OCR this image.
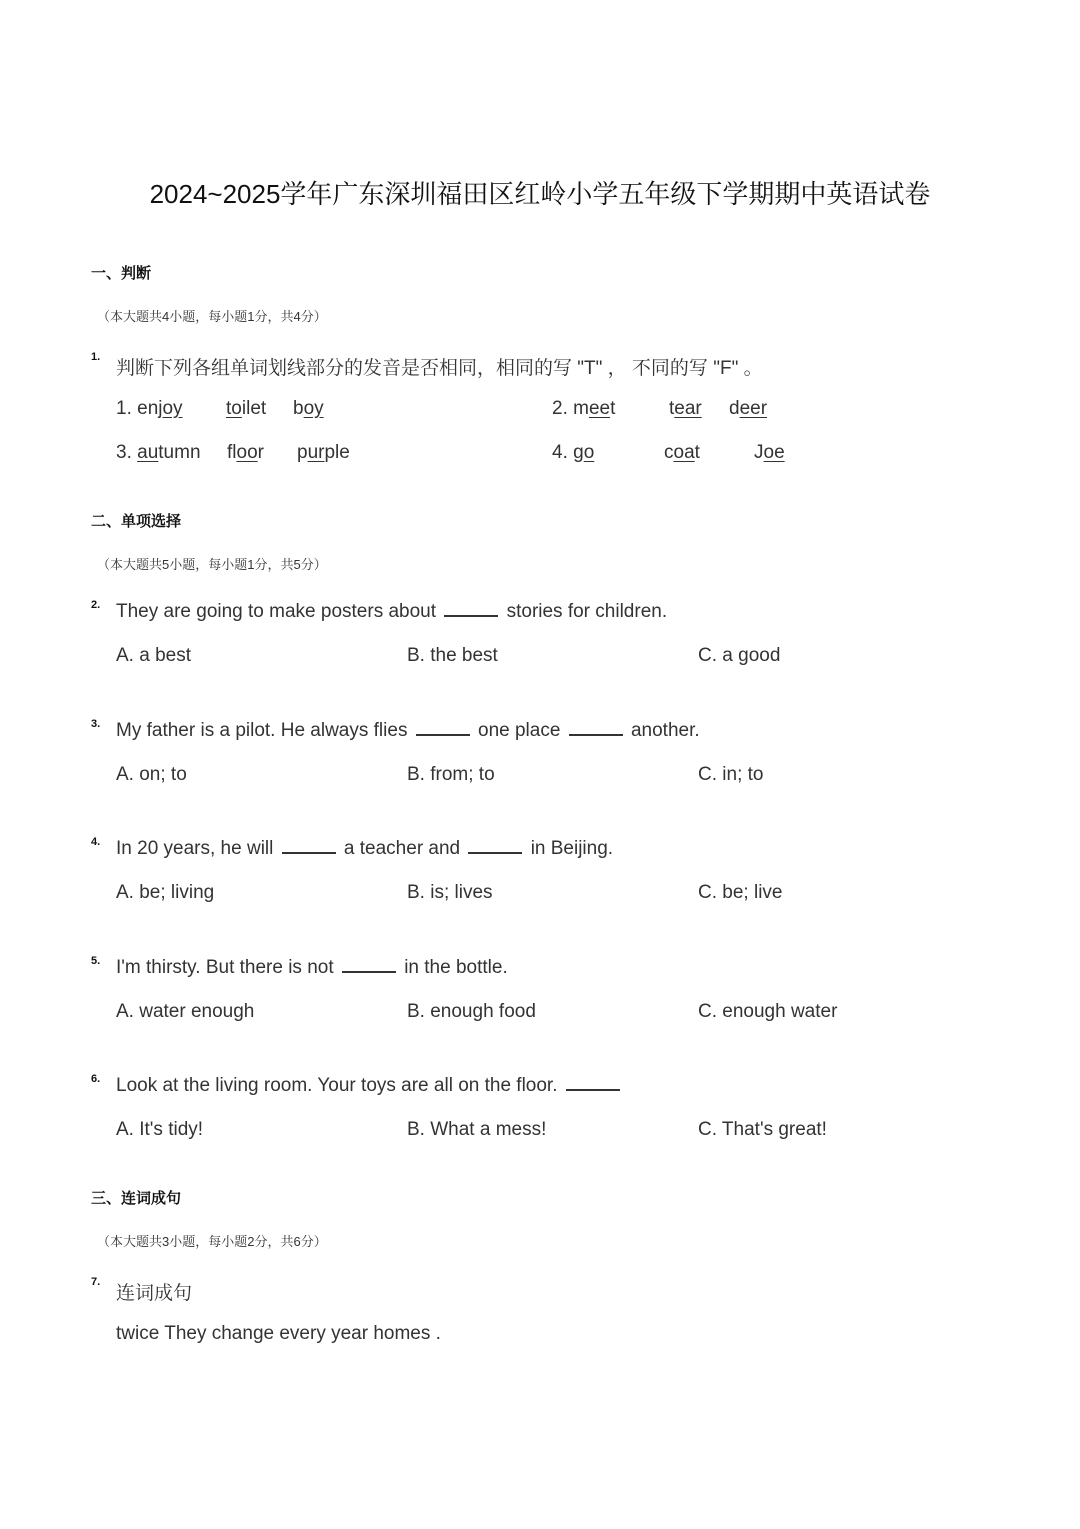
2024~2025学年广东深圳福田区红岭小学五年级下学期期中英语试卷
一、判断
（本大题共4小题，每小题1分，共4分）
1.
判断下列各组单词划线部分的发音是否相同，相同的写 "T" ， 不同的写 "F" 。
1. enjoy toilet boy	2. meet	tear deer
3. autumn floor purple	4. go	coat	Joe
二、单项选择
（本大题共5小题，每小题1分，共5分）
2. They are going to make posters about	stories for children.
A. a best	B. the best	C. a good
3. My father is a pilot. He always flies	one place	another.
A. on; to	B. from; to	C. in; to
4. In 20 years, he will	a teacher and	in Beijing.
A. be; living	B. is; lives	C. be; live
5. I'm thirsty. But there is not	in the bottle.
A. water enough	B. enough food	C. enough water
6. Look at the living room. Your toys are all on the floor.
A. It's tidy!	B. What a mess!	C. That's great!
三、连词成句
（本大题共3小题，每小题2分，共6分）
7.
连词成句
twice They change every year homes .
